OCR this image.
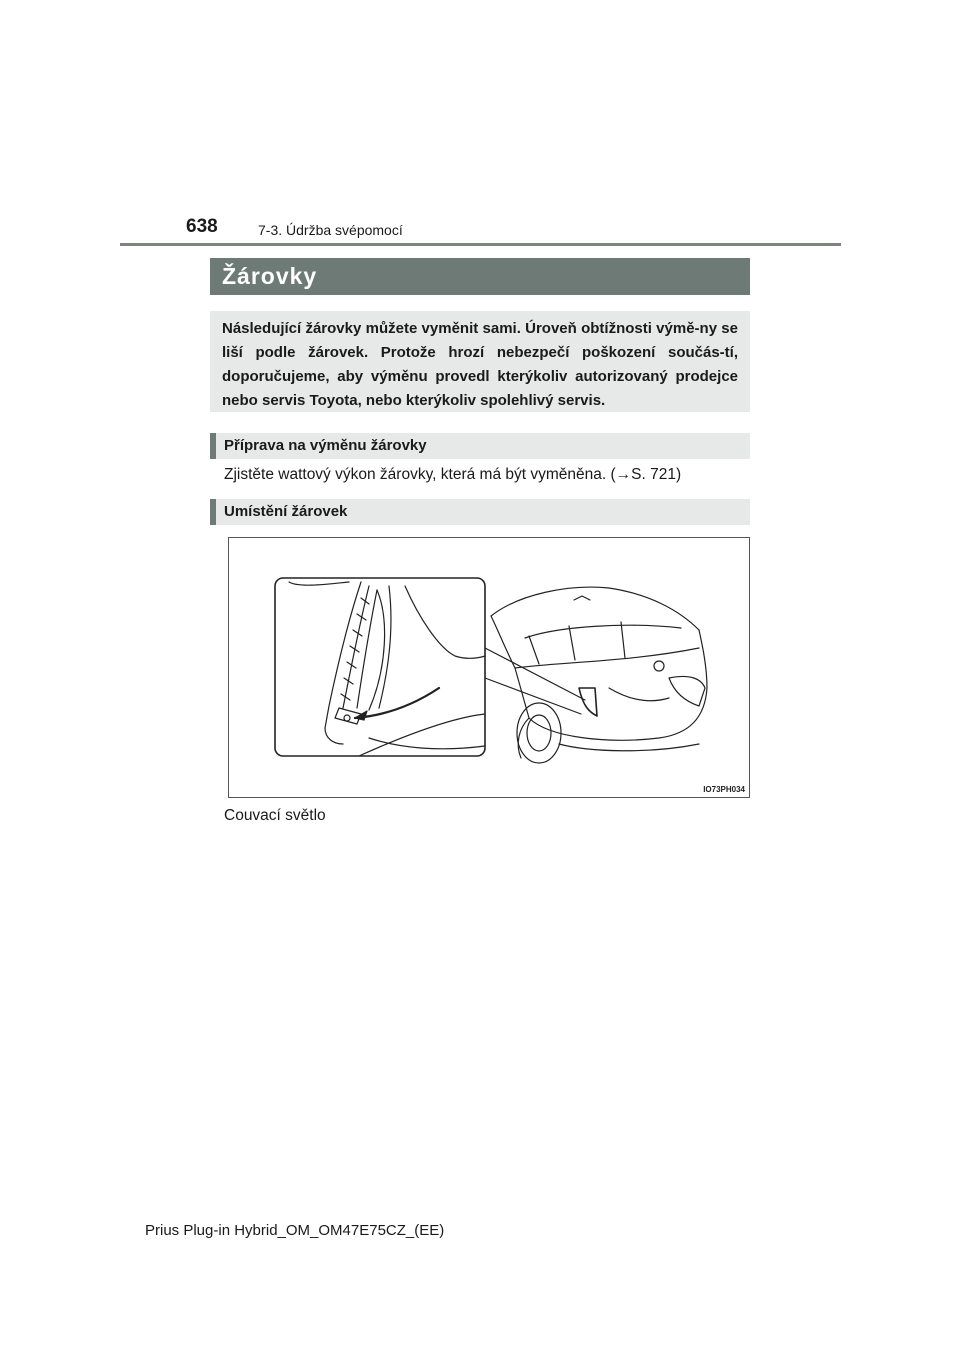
638	7-3. Údržba svépomocí
Žárovky
Následující žárovky můžete vyměnit sami. Úroveň obtížnosti výmě-ny se liší podle žárovek. Protože hrozí nebezpečí poškození součás-tí, doporučujeme, aby výměnu provedl kterýkoliv autorizovaný prodejce nebo servis Toyota, nebo kterýkoliv spolehlivý servis.
Příprava na výměnu žárovky
Zjistěte wattový výkon žárovky, která má být vyměněna. (→S. 721)
Umístění žárovek
IO73PH034
Couvací světlo
Prius Plug-in Hybrid_OM_OM47E75CZ_(EE)
